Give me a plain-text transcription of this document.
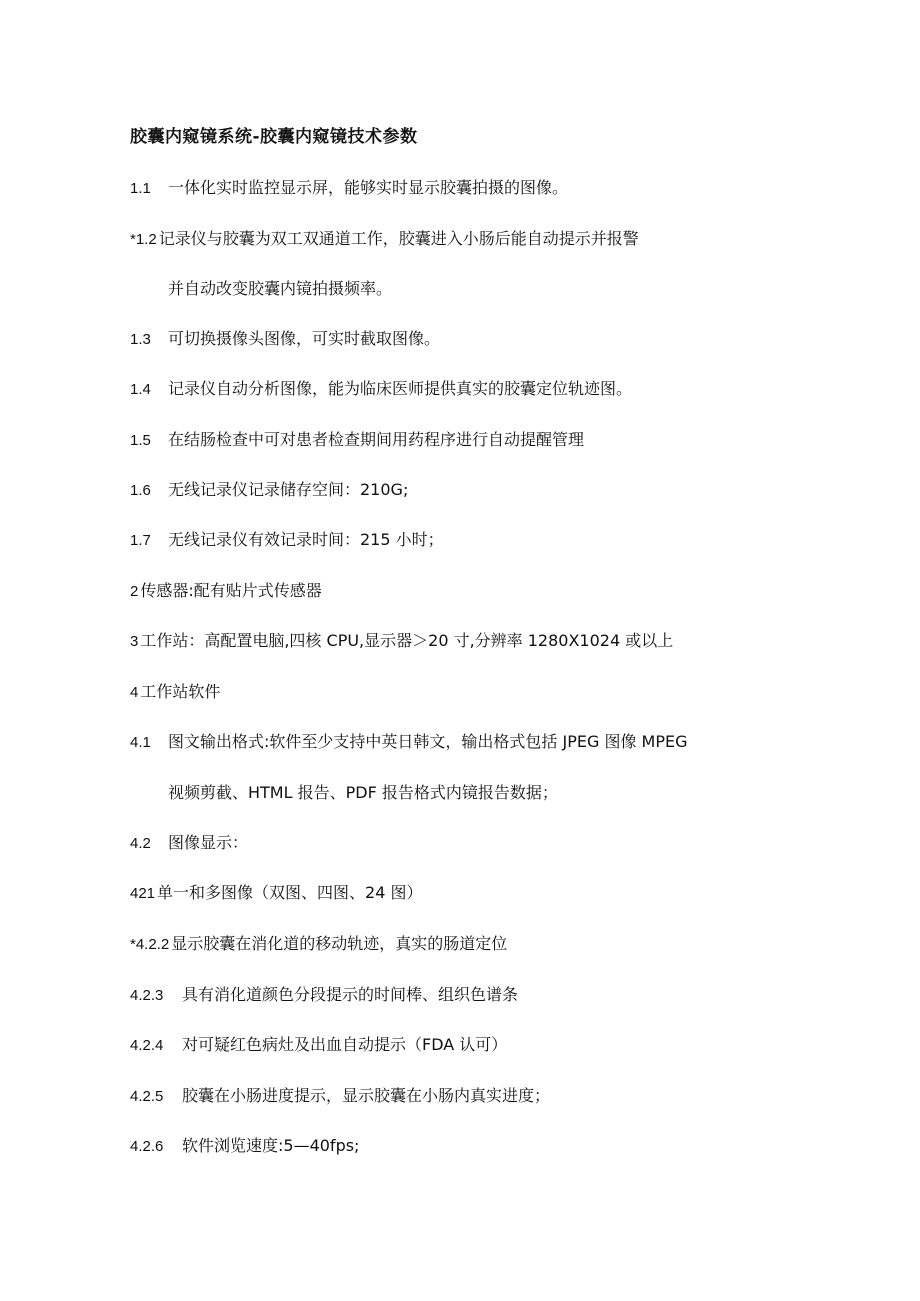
胶囊内窥镜系统-胶囊内窥镜技术参数
1.1 一体化实时监控显示屏，能够实时显示胶囊拍摄的图像。
*1.2 记录仪与胶囊为双工双通道工作，胶囊进入小肠后能自动提示并报警
并自动改变胶囊内镜拍摄频率。
1.3 可切换摄像头图像，可实时截取图像。
1.4 记录仪自动分析图像，能为临床医师提供真实的胶囊定位轨迹图。
1.5 在结肠检查中可对患者检查期间用药程序进行自动提醒管理
1.6 无线记录仪记录储存空间：210G;
1.7 无线记录仪有效记录时间：215 小时；
2 传感器:配有贴片式传感器
3 工作站：高配置电脑,四核 CPU,显示器＞20 寸,分辨率 1280X1024 或以上
4 工作站软件
4.1 图文输出格式:软件至少支持中英日韩文，输出格式包括 JPEG 图像 MPEG
视频剪截、HTML 报告、PDF 报告格式内镜报告数据；
4.2 图像显示：
421 单一和多图像（双图、四图、24 图）
*4.2.2 显示胶囊在消化道的移动轨迹，真实的肠道定位
4.2.3 具有消化道颜色分段提示的时间棒、组织色谱条
4.2.4 对可疑红色病灶及出血自动提示（FDA 认可）
4.2.5 胶囊在小肠进度提示，显示胶囊在小肠内真实进度；
4.2.6 软件浏览速度:5—40fps;
